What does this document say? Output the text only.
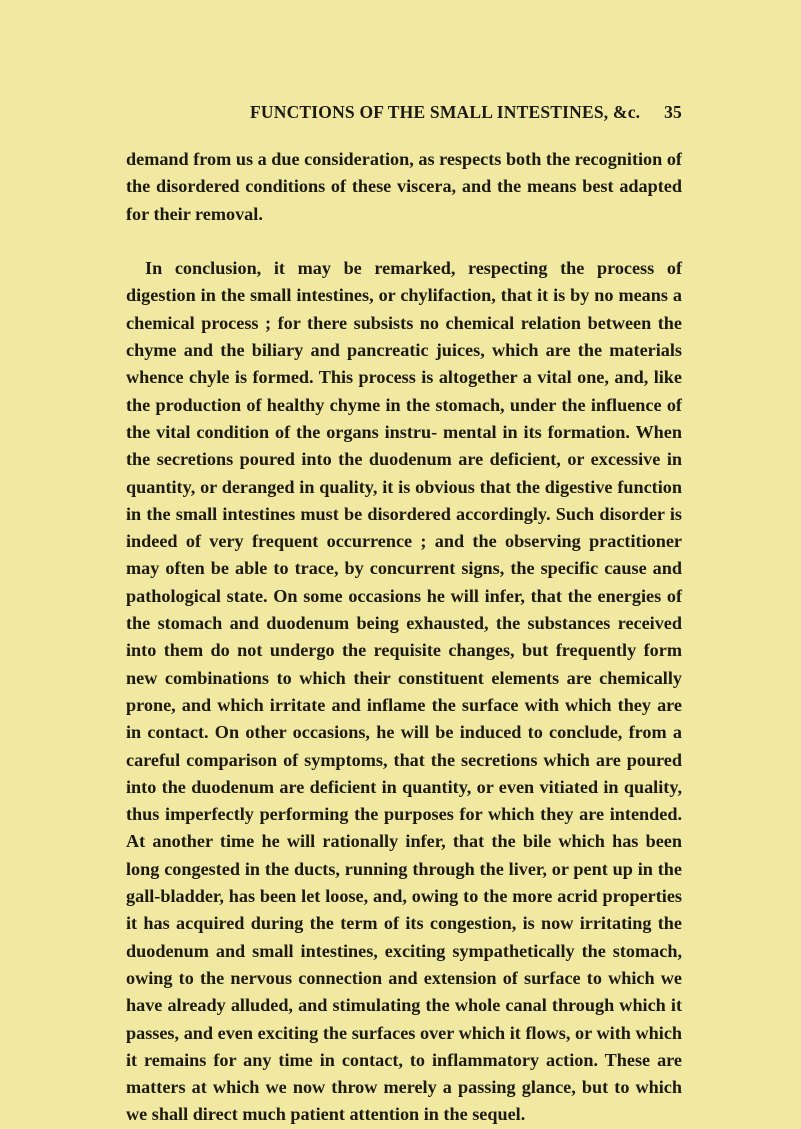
FUNCTIONS OF THE SMALL INTESTINES, &c. 35

demand from us a due consideration, as respects both the recognition of the disordered conditions of these viscera, and the means best adapted for their removal.

In conclusion, it may be remarked, respecting the process of digestion in the small intestines, or chylifaction, that it is by no means a chemical process ; for there subsists no chemical relation between the chyme and the biliary and pancreatic juices, which are the materials whence chyle is formed. This process is altogether a vital one, and, like the production of healthy chyme in the stomach, under the influence of the vital condition of the organs instru- mental in its formation. When the secretions poured into the duodenum are deficient, or excessive in quantity, or deranged in quality, it is obvious that the digestive function in the small intestines must be disordered accordingly. Such disorder is indeed of very frequent occurrence ; and the observing practitioner may often be able to trace, by concurrent signs, the specific cause and pathological state. On some occasions he will infer, that the energies of the stomach and duodenum being exhausted, the substances received into them do not undergo the requisite changes, but frequently form new combinations to which their constituent elements are chemically prone, and which irritate and inflame the surface with which they are in contact. On other occasions, he will be induced to conclude, from a careful comparison of symptoms, that the secretions which are poured into the duodenum are deficient in quantity, or even vitiated in quality, thus imperfectly performing the purposes for which they are intended. At another time he will rationally infer, that the bile which has been long congested in the ducts, running through the liver, or pent up in the gall-bladder, has been let loose, and, owing to the more acrid properties it has acquired during the term of its congestion, is now irritating the duodenum and small intestines, exciting sympathetically the stomach, owing to the nervous connection and extension of surface to which we have already alluded, and stimulating the whole canal through which it passes, and even exciting the surfaces over which it flows, or with which it remains for any time in contact, to inflammatory action. These are matters at which we now throw merely a passing glance, but to which we shall direct much patient attention in the sequel.
